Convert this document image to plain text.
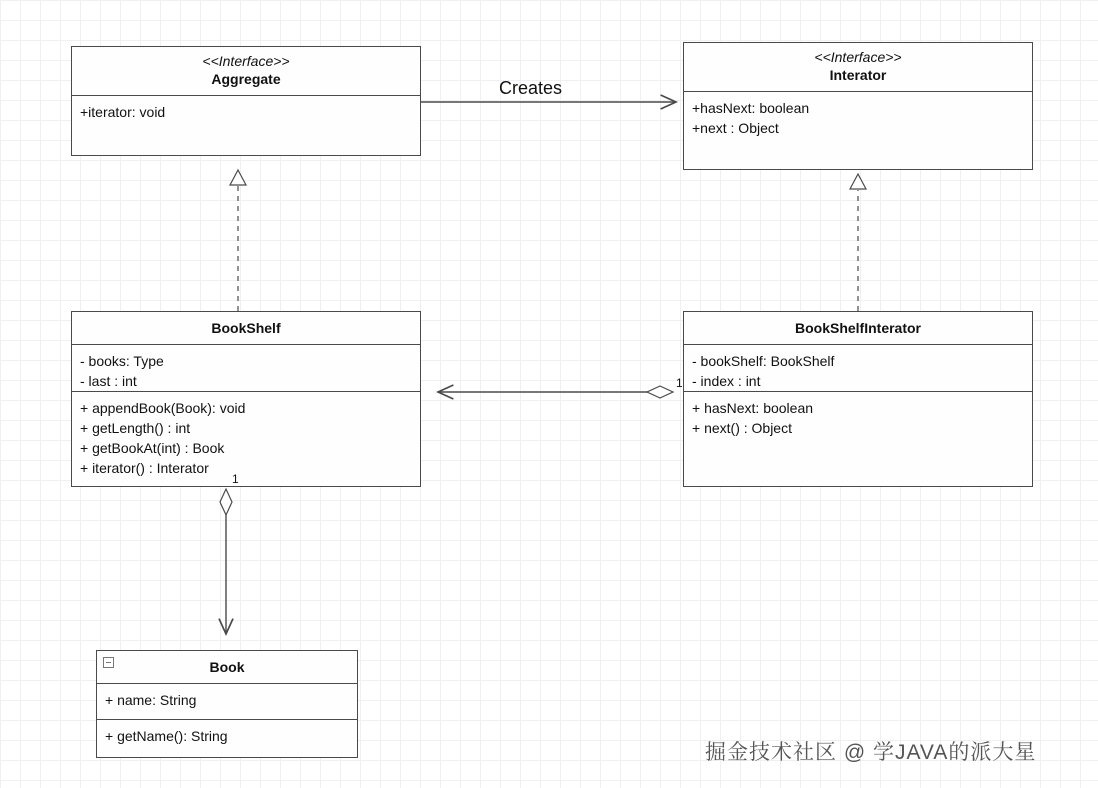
<<Interface>>
Aggregate
+iterator: void
<<Interface>>
Interator
+hasNext: boolean
+next : Object
BookShelf
- books: Type
- last : int
+ appendBook(Book): void
+ getLength() : int
+ getBookAt(int) : Book
+ iterator() : Interator
BookShelfInterator
- bookShelf: BookShelf
- index : int
+ hasNext: boolean
+ next() : Object
Book
+ name: String
+ getName(): String
Creates
1
1
掘金技术社区 @ 学JAVA的派大星
